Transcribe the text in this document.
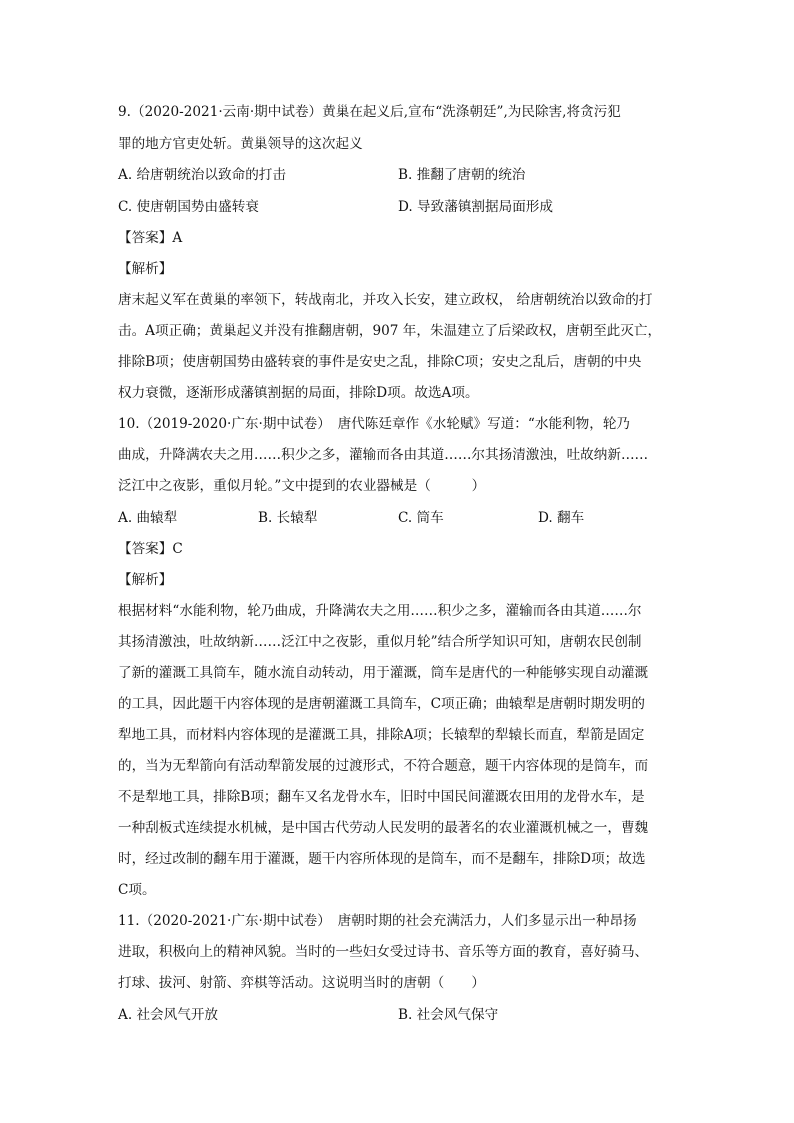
9.（2020-2021·云南·期中试卷）黄巢在起义后,宣布“洗涤朝廷”,为民除害,将贪污犯
罪的地方官吏处斩。黄巢领导的这次起义
A. 给唐朝统治以致命的打击	B. 推翻了唐朝的统治
C. 使唐朝国势由盛转衰	D. 导致藩镇割据局面形成
【答案】A
【解析】
唐末起义军在黄巢的率领下，转战南北，并攻入长安，建立政权， 给唐朝统治以致命的打
击。A项正确；黄巢起义并没有推翻唐朝，907 年，朱温建立了后梁政权，唐朝至此灭亡，
排除B项；使唐朝国势由盛转衰的事件是安史之乱，排除C项；安史之乱后，唐朝的中央
权力衰微，逐渐形成藩镇割据的局面，排除D项。故选A项。
10.（2019-2020·广东·期中试卷）　唐代陈廷章作《水轮赋》写道：“水能利物，轮乃
曲成，升降满农夫之用……积少之多，灌输而各由其道……尔其扬清激浊，吐故纳新……
泛江中之夜影，重似月轮。”文中提到的农业器械是（　　　）
A. 曲辕犁	B. 长辕犁	C. 筒车	D. 翻车
【答案】C
【解析】
根据材料“水能利物，轮乃曲成，升降满农夫之用……积少之多，灌输而各由其道……尔
其扬清激浊，吐故纳新……泛江中之夜影，重似月轮”结合所学知识可知，唐朝农民创制
了新的灌溉工具筒车，随水流自动转动，用于灌溉，筒车是唐代的一种能够实现自动灌溉
的工具，因此题干内容体现的是唐朝灌溉工具筒车，C项正确；曲辕犁是唐朝时期发明的
犁地工具，而材料内容体现的是灌溉工具，排除A项；长辕犁的犁辕长而直，犁箭是固定
的，当为无犁箭向有活动犁箭发展的过渡形式，不符合题意，题干内容体现的是筒车，而
不是犁地工具，排除B项；翻车又名龙骨水车，旧时中国民间灌溉农田用的龙骨水车，是
一种刮板式连续提水机械，是中国古代劳动人民发明的最著名的农业灌溉机械之一，曹魏
时，经过改制的翻车用于灌溉，题干内容所体现的是筒车，而不是翻车，排除D项；故选
C项。
11.（2020-2021·广东·期中试卷）　唐朝时期的社会充满活力，人们多显示出一种昂扬
进取，积极向上的精神风貌。当时的一些妇女受过诗书、音乐等方面的教育，喜好骑马、
打球、拔河、射箭、弈棋等活动。这说明当时的唐朝（　　）
A. 社会风气开放	B. 社会风气保守
